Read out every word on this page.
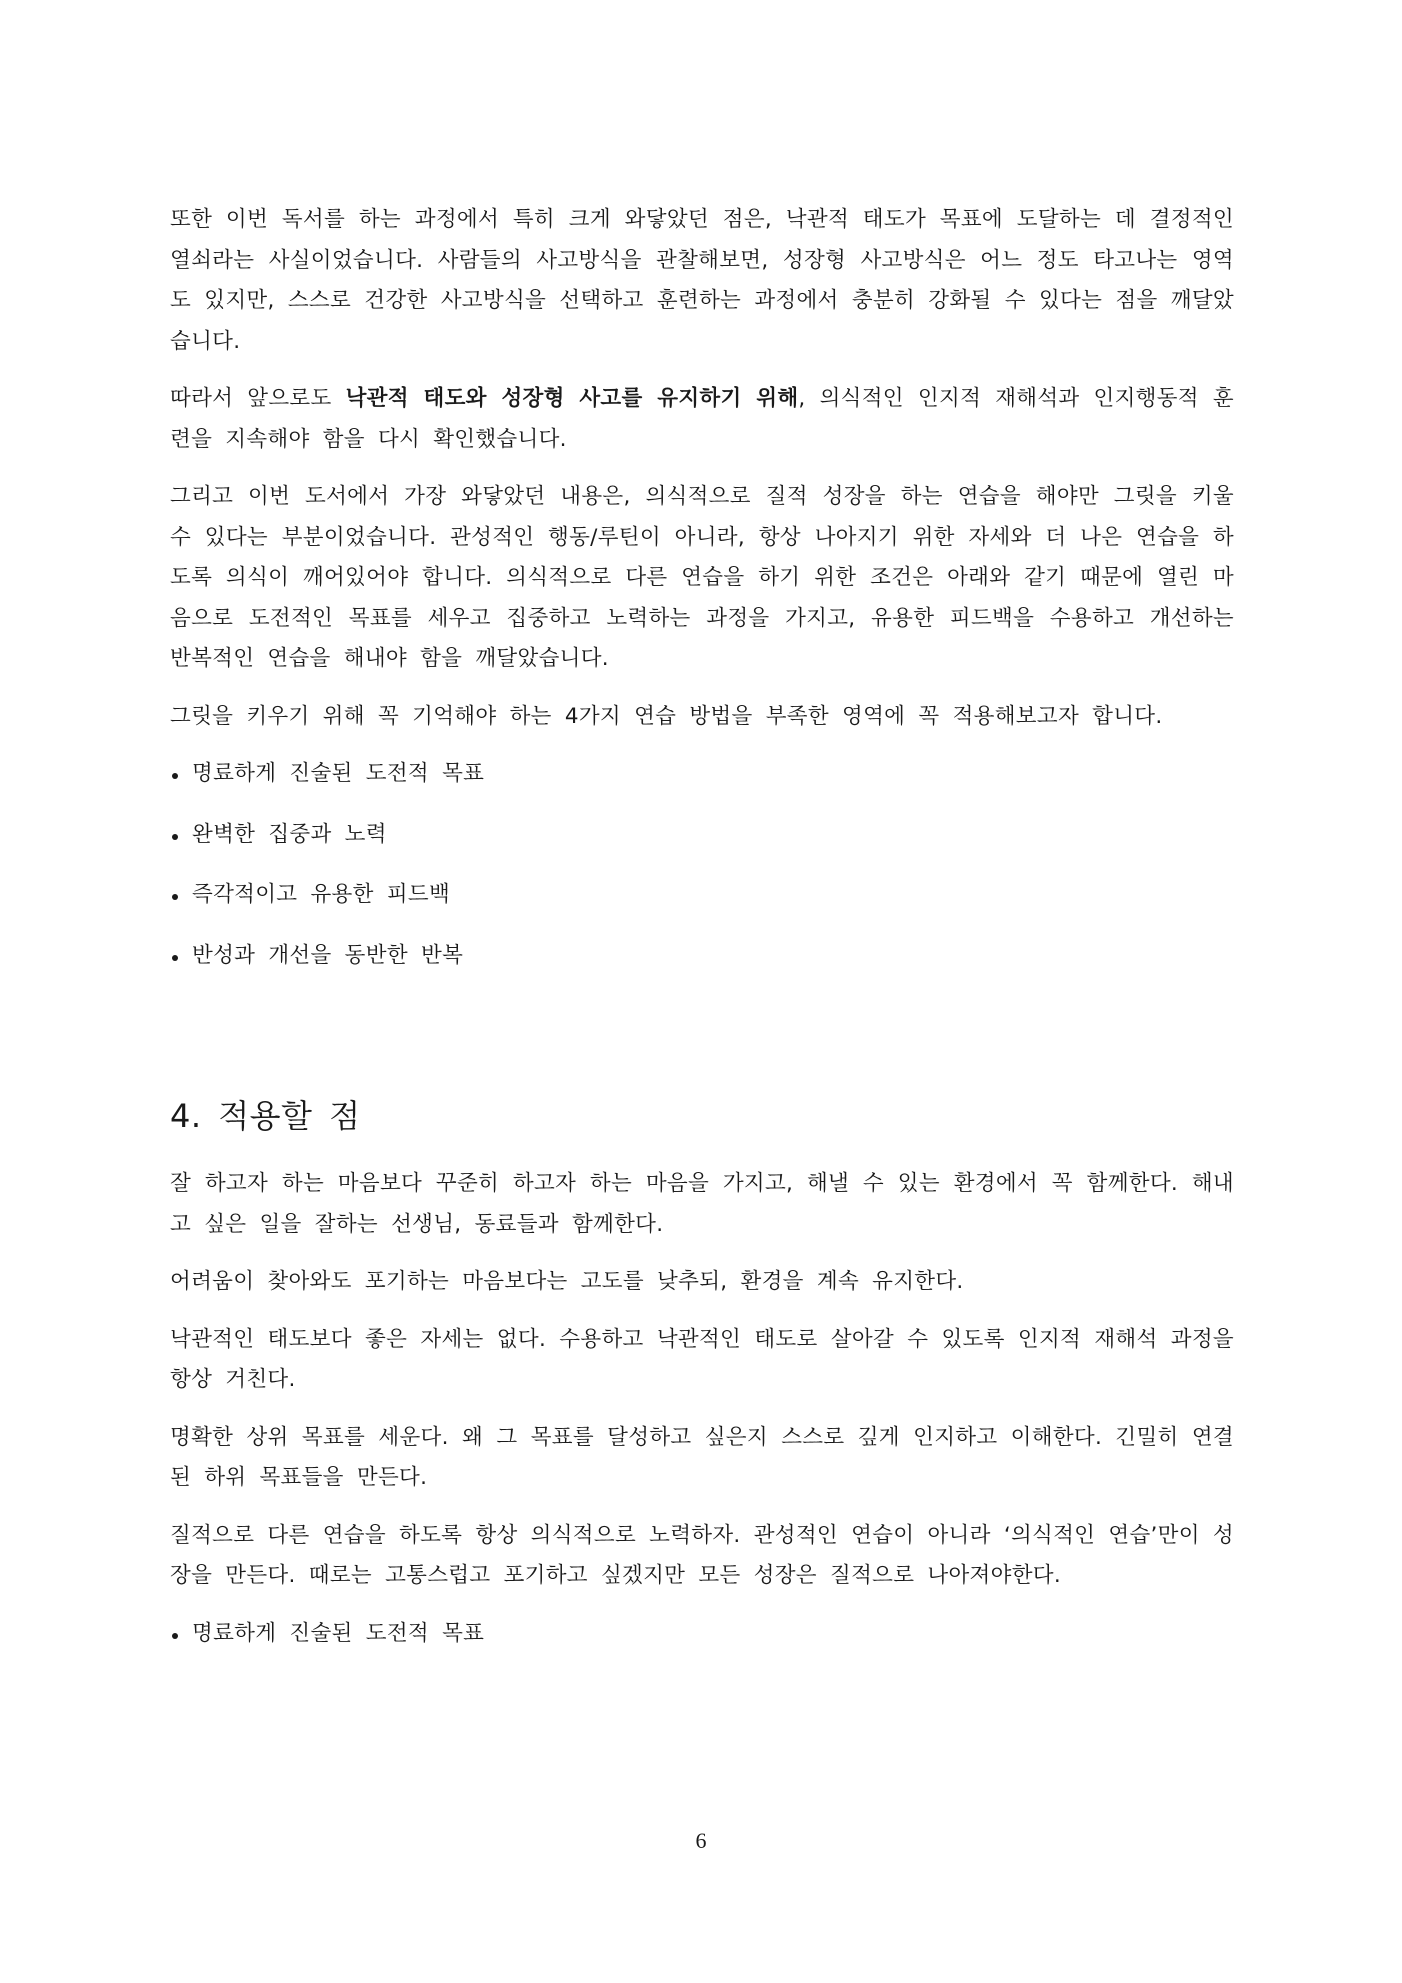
또한 이번 독서를 하는 과정에서 특히 크게 와닿았던 점은, 낙관적 태도가 목표에 도달하는 데 결정적인 열쇠라는 사실이었습니다. 사람들의 사고방식을 관찰해보면, 성장형 사고방식은 어느 정도 타고나는 영역도 있지만, 스스로 건강한 사고방식을 선택하고 훈련하는 과정에서 충분히 강화될 수 있다는 점을 깨달았습니다.

따라서 앞으로도 낙관적 태도와 성장형 사고를 유지하기 위해, 의식적인 인지적 재해석과 인지행동적 훈련을 지속해야 함을 다시 확인했습니다.

그리고 이번 도서에서 가장 와닿았던 내용은, 의식적으로 질적 성장을 하는 연습을 해야만 그릿을 키울 수 있다는 부분이었습니다. 관성적인 행동/루틴이 아니라, 항상 나아지기 위한 자세와 더 나은 연습을 하도록 의식이 깨어있어야 합니다. 의식적으로 다른 연습을 하기 위한 조건은 아래와 같기 때문에 열린 마음으로 도전적인 목표를 세우고 집중하고 노력하는 과정을 가지고, 유용한 피드백을 수용하고 개선하는 반복적인 연습을 해내야 함을 깨달았습니다.

그릿을 키우기 위해 꼭 기억해야 하는 4가지 연습 방법을 부족한 영역에 꼭 적용해보고자 합니다.

명료하게 진술된 도전적 목표
완벽한 집중과 노력
즉각적이고 유용한 피드백
반성과 개선을 동반한 반복
4. 적용할 점

잘 하고자 하는 마음보다 꾸준히 하고자 하는 마음을 가지고, 해낼 수 있는 환경에서 꼭 함께한다. 해내고 싶은 일을 잘하는 선생님, 동료들과 함께한다.

어려움이 찾아와도 포기하는 마음보다는 고도를 낮추되, 환경을 계속 유지한다.

낙관적인 태도보다 좋은 자세는 없다. 수용하고 낙관적인 태도로 살아갈 수 있도록 인지적 재해석 과정을 항상 거친다.

명확한 상위 목표를 세운다. 왜 그 목표를 달성하고 싶은지 스스로 깊게 인지하고 이해한다. 긴밀히 연결된 하위 목표들을 만든다.

질적으로 다른 연습을 하도록 항상 의식적으로 노력하자. 관성적인 연습이 아니라 ‘의식적인 연습’만이 성장을 만든다. 때로는 고통스럽고 포기하고 싶겠지만 모든 성장은 질적으로 나아져야한다.

명료하게 진술된 도전적 목표
6
